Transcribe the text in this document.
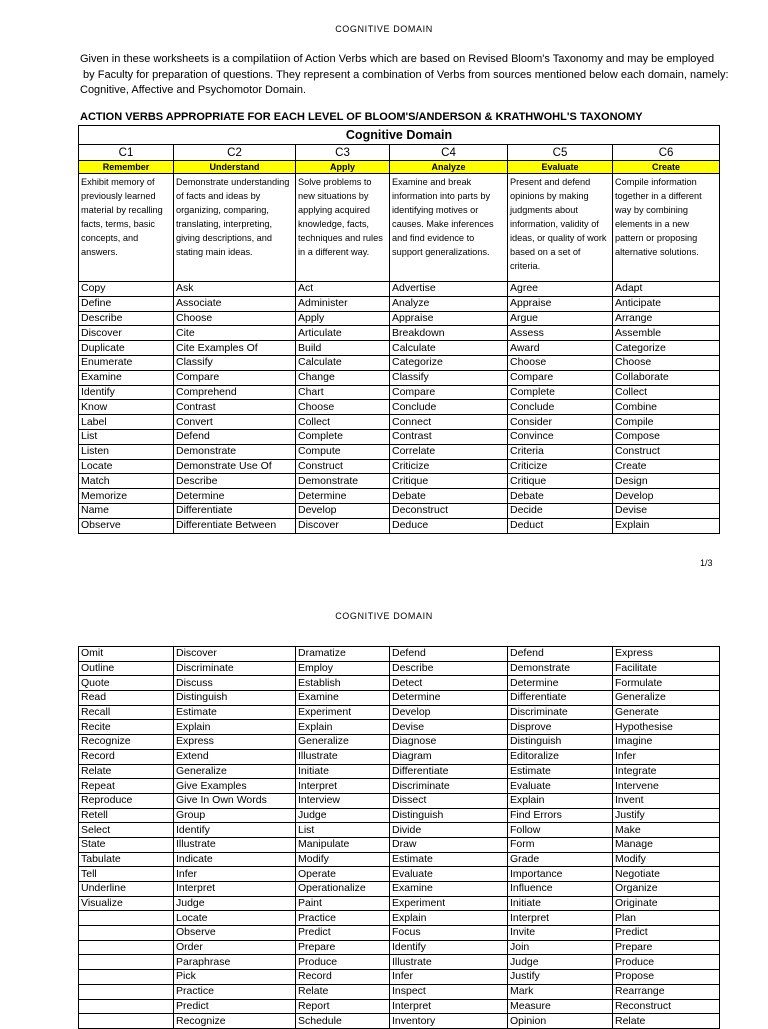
COGNITIVE DOMAIN

Given in these worksheets is a compilatiion of Action Verbs which are based on Revised Bloom's Taxonomy and may be employed

by Faculty for preparation of questions. They represent a combination of Verbs from sources mentioned below each domain, namely:

Cognitive, Affective and Psychomotor Domain.

ACTION VERBS APPROPRIATE FOR EACH LEVEL OF BLOOM'S/ANDERSON & KRATHWOHL'S TAXONOMY
Cognitive Domain					
C1	C2	C3	C4	C5	C6
Remember	Understand	Apply	Analyze	Evaluate	Create
Exhibit memory of previously learned material by recalling facts, terms, basic concepts, and answers.	Demonstrate understanding of facts and ideas by organizing, comparing, translating, interpreting, giving descriptions, and stating main ideas.	Solve problems to new situations by applying acquired knowledge, facts, techniques and rules in a different way.	Examine and break information into parts by identifying motives or causes. Make inferences and find evidence to support generalizations.	Present and defend opinions by making judgments about information, validity of ideas, or quality of work based on a set of criteria.	Compile information together in a different way by combining elements in a new pattern or proposing alternative solutions.
Copy	Ask	Act	Advertise	Agree	Adapt
Define	Associate	Administer	Analyze	Appraise	Anticipate
Describe	Choose	Apply	Appraise	Argue	Arrange
Discover	Cite	Articulate	Breakdown	Assess	Assemble
Duplicate	Cite Examples Of	Build	Calculate	Award	Categorize
Enumerate	Classify	Calculate	Categorize	Choose	Choose
Examine	Compare	Change	Classify	Compare	Collaborate
Identify	Comprehend	Chart	Compare	Complete	Collect
Know	Contrast	Choose	Conclude	Conclude	Combine
Label	Convert	Collect	Connect	Consider	Compile
List	Defend	Complete	Contrast	Convince	Compose
Listen	Demonstrate	Compute	Correlate	Criteria	Construct
Locate	Demonstrate Use Of	Construct	Criticize	Criticize	Create
Match	Describe	Demonstrate	Critique	Critique	Design
Memorize	Determine	Determine	Debate	Debate	Develop
Name	Differentiate	Develop	Deconstruct	Decide	Devise
Observe	Differentiate Between	Discover	Deduce	Deduct	Explain
1/3
COGNITIVE DOMAIN
Omit	Discover	Dramatize	Defend	Defend	Express
Outline	Discriminate	Employ	Describe	Demonstrate	Facilitate
Quote	Discuss	Establish	Detect	Determine	Formulate
Read	Distinguish	Examine	Determine	Differentiate	Generalize
Recall	Estimate	Experiment	Develop	Discriminate	Generate
Recite	Explain	Explain	Devise	Disprove	Hypothesise
Recognize	Express	Generalize	Diagnose	Distinguish	Imagine
Record	Extend	Illustrate	Diagram	Editoralize	Infer
Relate	Generalize	Initiate	Differentiate	Estimate	Integrate
Repeat	Give Examples	Interpret	Discriminate	Evaluate	Intervene
Reproduce	Give In Own Words	Interview	Dissect	Explain	Invent
Retell	Group	Judge	Distinguish	Find Errors	Justify
Select	Identify	List	Divide	Follow	Make
State	Illustrate	Manipulate	Draw	Form	Manage
Tabulate	Indicate	Modify	Estimate	Grade	Modify
Tell	Infer	Operate	Evaluate	Importance	Negotiate
Underline	Interpret	Operationalize	Examine	Influence	Organize
Visualize	Judge	Paint	Experiment	Initiate	Originate
	Locate	Practice	Explain	Interpret	Plan
	Observe	Predict	Focus	Invite	Predict
	Order	Prepare	Identify	Join	Prepare
	Paraphrase	Produce	Illustrate	Judge	Produce
	Pick	Record	Infer	Justify	Propose
	Practice	Relate	Inspect	Mark	Rearrange
	Predict	Report	Interpret	Measure	Reconstruct
	Recognize	Schedule	Inventory	Opinion	Relate
